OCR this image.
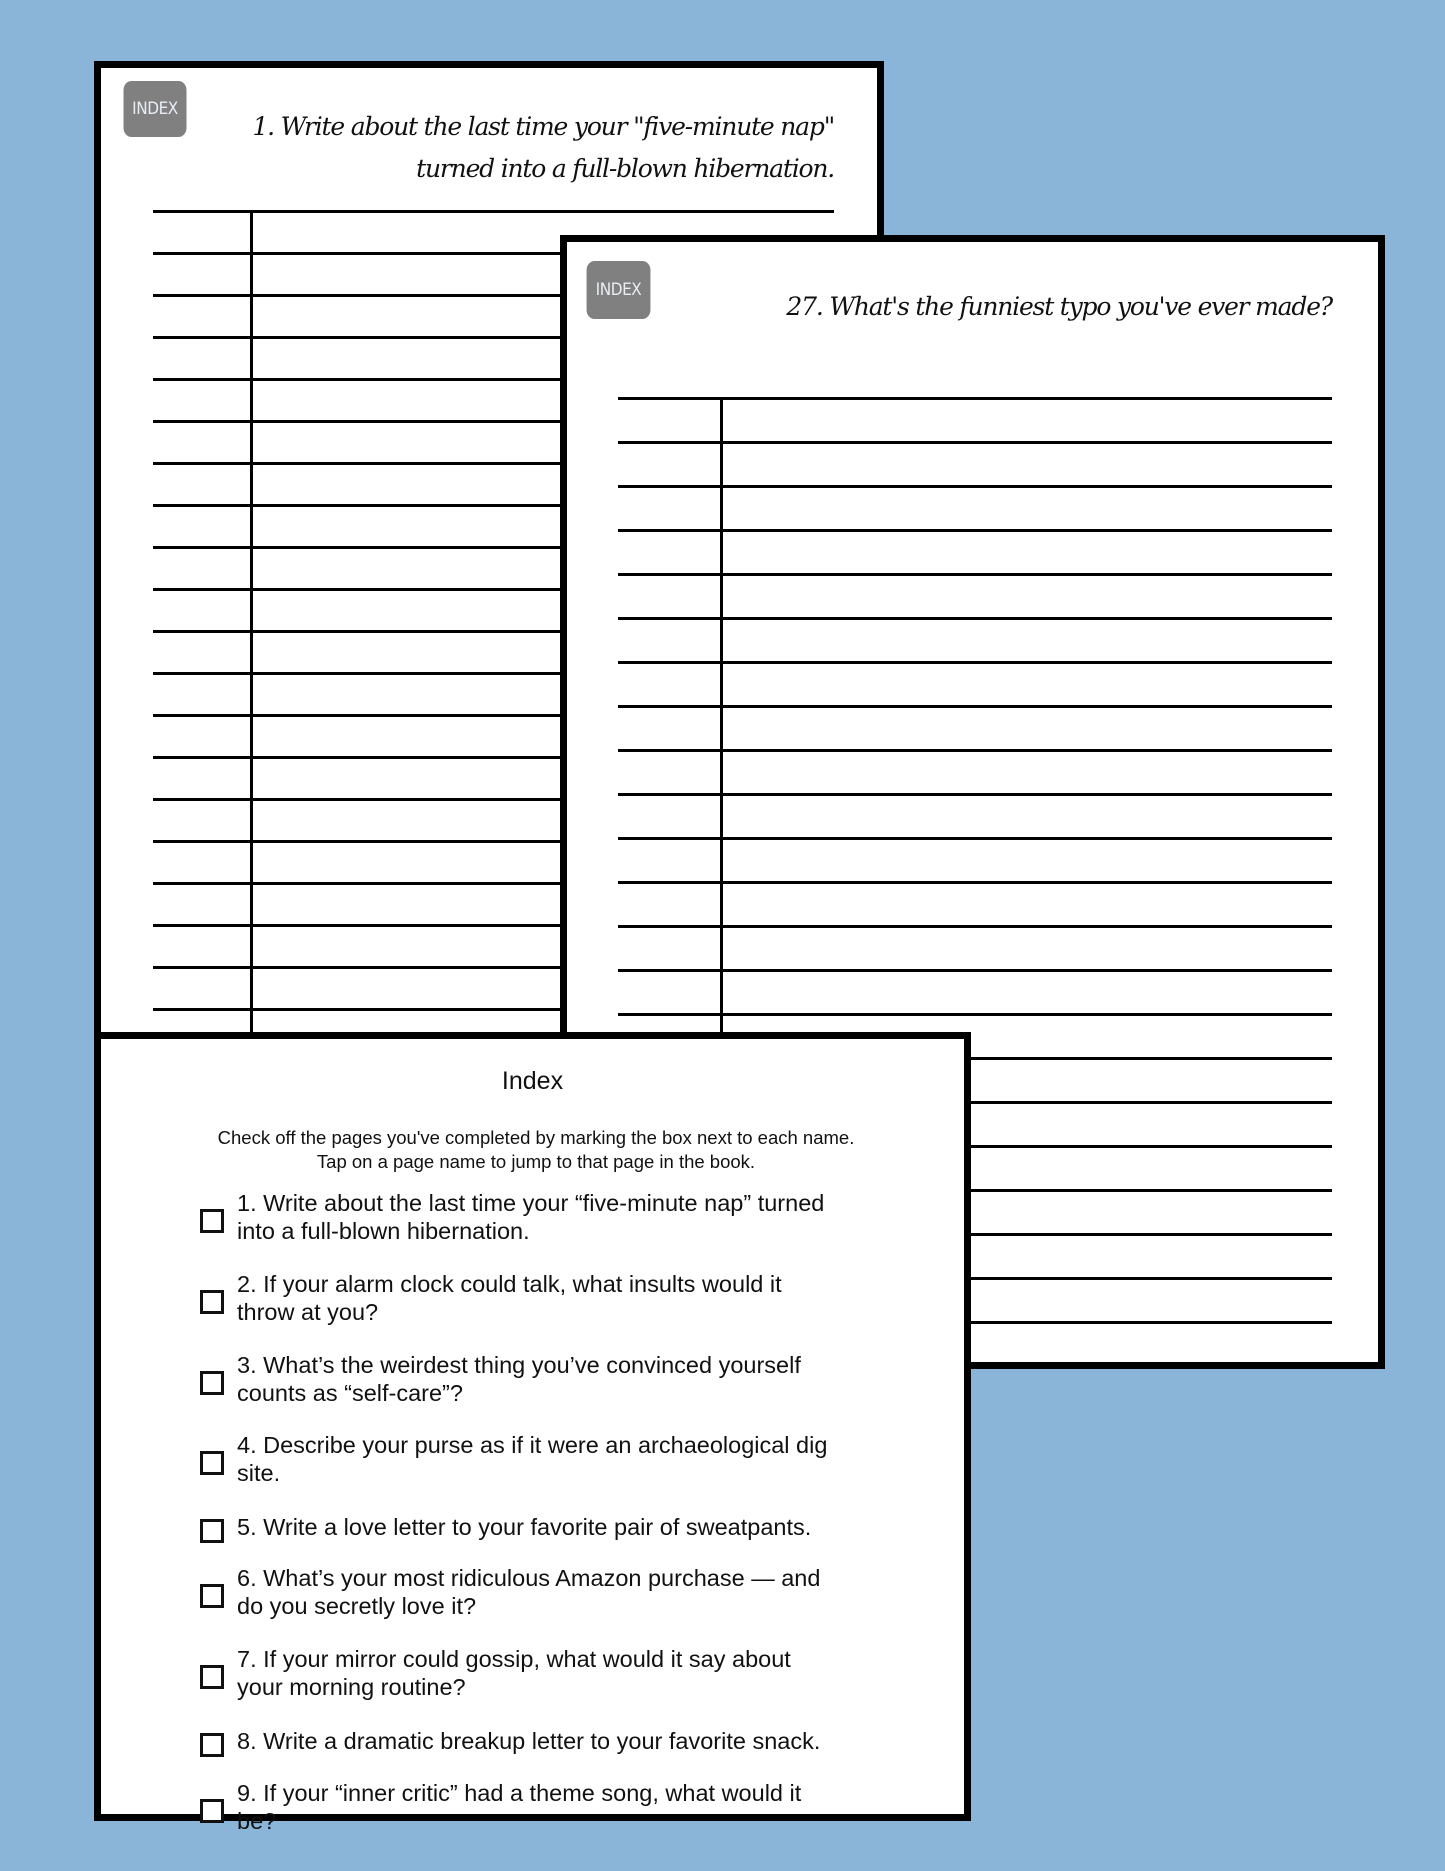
INDEX
1. Write about the last time your "five-minute nap" turned into a full-blown hibernation.
INDEX
27. What's the funniest typo you've ever made?
Index
Check off the pages you've completed by marking the box next to each name. Tap on a page name to jump to that page in the book.
1. Write about the last time your “five-minute nap” turned into a full-blown hibernation.
2. If your alarm clock could talk, what insults would it throw at you?
3. What’s the weirdest thing you’ve convinced yourself counts as “self-care”?
4. Describe your purse as if it were an archaeological dig site.
5. Write a love letter to your favorite pair of sweatpants.
6. What’s your most ridiculous Amazon purchase — and do you secretly love it?
7. If your mirror could gossip, what would it say about your morning routine?
8. Write a dramatic breakup letter to your favorite snack.
9. If your “inner critic” had a theme song, what would it be?
